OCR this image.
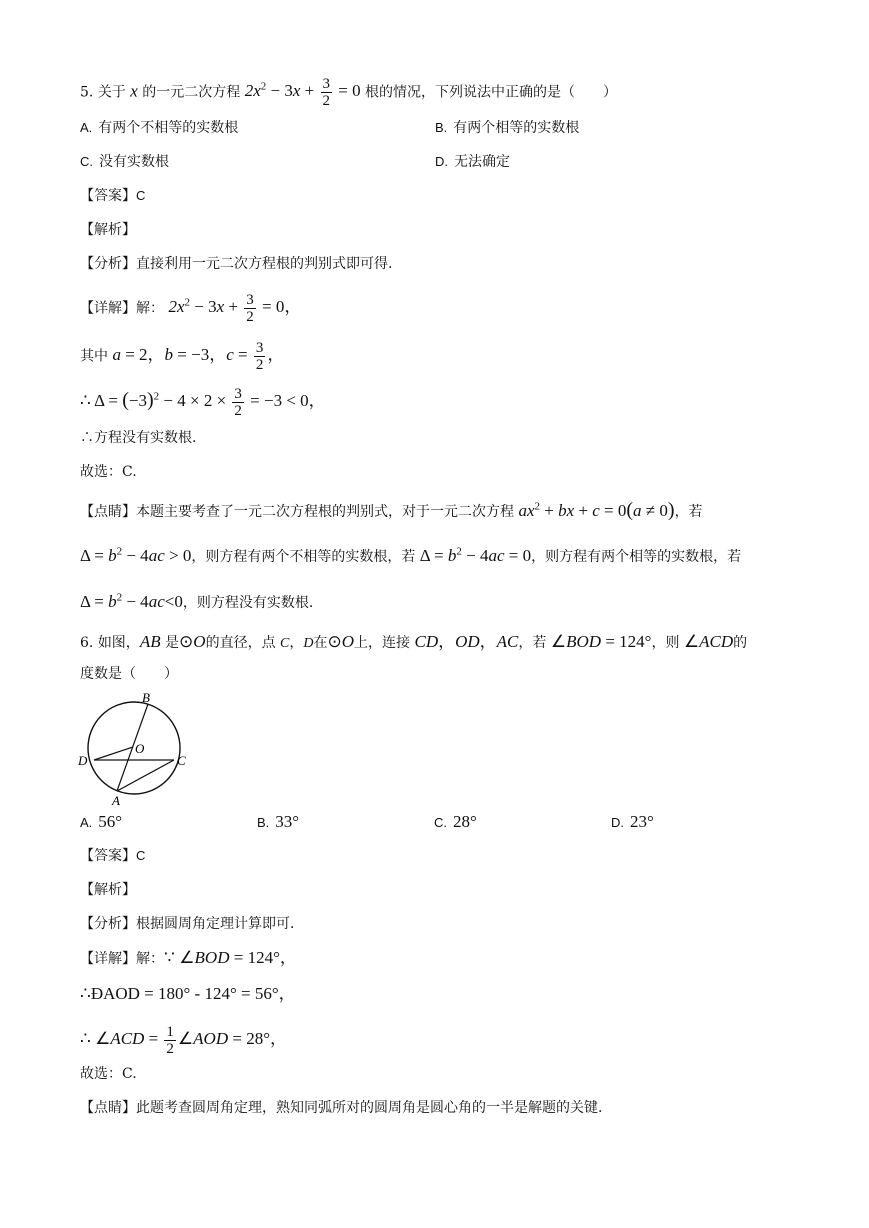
5. 关于 x 的一元二次方程 $2x^2 - 3x + \frac{3}{2} = 0$ 根的情况，下列说法中正确的是（　　）
A. 有两个不相等的实数根	B. 有两个相等的实数根
C. 没有实数根	D. 无法确定
【答案】C
【解析】
【分析】直接利用一元二次方程根的判别式即可得.
【详解】解： $2x^2 - 3x + \frac{3}{2} = 0$，
其中 a = 2，b = −3，$c = \frac{3}{2}$ ，
∴ $\Delta = (-3)^2 - 4 \times 2 \times \frac{3}{2} = -3 < 0$，
∴方程没有实数根.
故选：C.
【点睛】本题主要考查了一元二次方程根的判别式，对于一元二次方程 $ax^2$ + bx + c = 0(a ≠ 0)，若
$\Delta = b^2 - 4ac > 0$，则方程有两个不相等的实数根，若 $\Delta = b^2 - 4ac = 0$，则方程有两个相等的实数根，若
$\Delta = b^2 - 4ac<0$，则方程没有实数根.
6. 如图，AB 是⊙O的直径，点 C，D在⊙O上，连接 CD，OD，AC，若 ∠BOD = 124°，则 ∠ACD的
度数是（　　）
B
O
D	C
A
A. 56°	B. 33°	C. 28°	D. 23°
【答案】C
【解析】
【分析】根据圆周角定理计算即可.
【详解】解：∵ ∠BOD = 124°，
∴ÐAOD = 180° - 124° = 56°，
∴ ∠ACD = $\frac{1}{2}$ ∠AOD = 28°，
故选：C.
【点睛】此题考查圆周角定理，熟知同弧所对的圆周角是圆心角的一半是解题的关键.
